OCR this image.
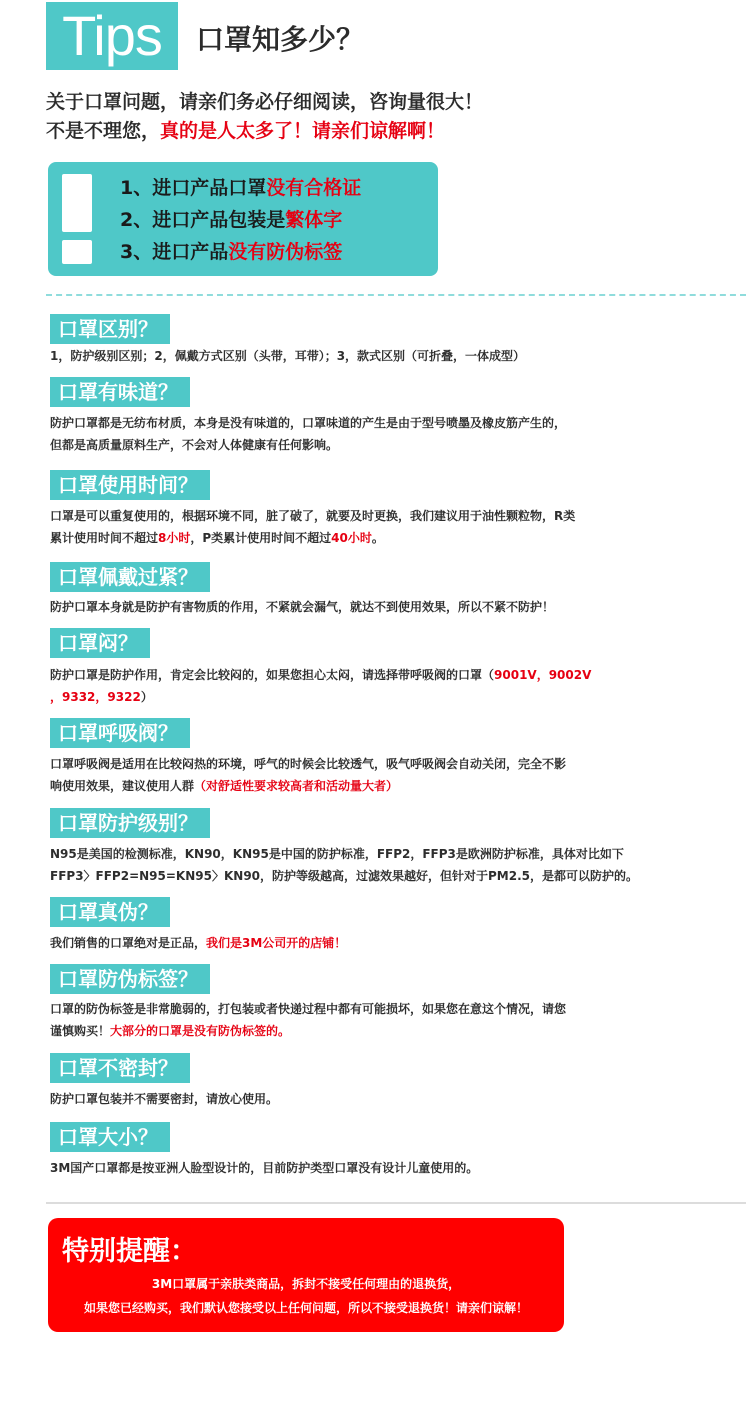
Tips	口罩知多少？
关于口罩问题，请亲们务必仔细阅读，咨询量很大！
不是不理您，真的是人太多了！请亲们谅解啊！
1、进口产品口罩没有合格证
2、进口产品包装是繁体字
3、进口产品没有防伪标签
口罩区别？
1，防护级别区别；2，佩戴方式区别（头带，耳带）；3，款式区别（可折叠，一体成型）
口罩有味道？
防护口罩都是无纺布材质，本身是没有味道的，口罩味道的产生是由于型号喷墨及橡皮筋产生的，
但都是高质量原料生产，不会对人体健康有任何影响。
口罩使用时间？
口罩是可以重复使用的，根据环境不同，脏了破了，就要及时更换，我们建议用于油性颗粒物，R类
累计使用时间不超过8小时，P类累计使用时间不超过40小时。
口罩佩戴过紧？
防护口罩本身就是防护有害物质的作用，不紧就会漏气，就达不到使用效果，所以不紧不防护！
口罩闷？
防护口罩是防护作用，肯定会比较闷的，如果您担心太闷，请选择带呼吸阀的口罩（9001V，9002V
，9332，9322）
口罩呼吸阀？
口罩呼吸阀是适用在比较闷热的环境，呼气的时候会比较透气，吸气呼吸阀会自动关闭，完全不影
响使用效果，建议使用人群（对舒适性要求较高者和活动量大者）
口罩防护级别？
N95是美国的检测标准，KN90，KN95是中国的防护标准，FFP2，FFP3是欧洲防护标准，具体对比如下
FFP3〉FFP2=N95=KN95〉KN90，防护等级越高，过滤效果越好，但针对于PM2.5，是都可以防护的。
口罩真伪？
我们销售的口罩绝对是正品，我们是3M公司开的店铺！
口罩防伪标签？
口罩的防伪标签是非常脆弱的，打包装或者快递过程中都有可能损坏，如果您在意这个情况，请您
谨慎购买！大部分的口罩是没有防伪标签的。
口罩不密封？
防护口罩包装并不需要密封，请放心使用。
口罩大小？
3M国产口罩都是按亚洲人脸型设计的，目前防护类型口罩没有设计儿童使用的。
特别提醒：
3M口罩属于亲肤类商品，拆封不接受任何理由的退换货，
如果您已经购买，我们默认您接受以上任何问题，所以不接受退换货！请亲们谅解！
